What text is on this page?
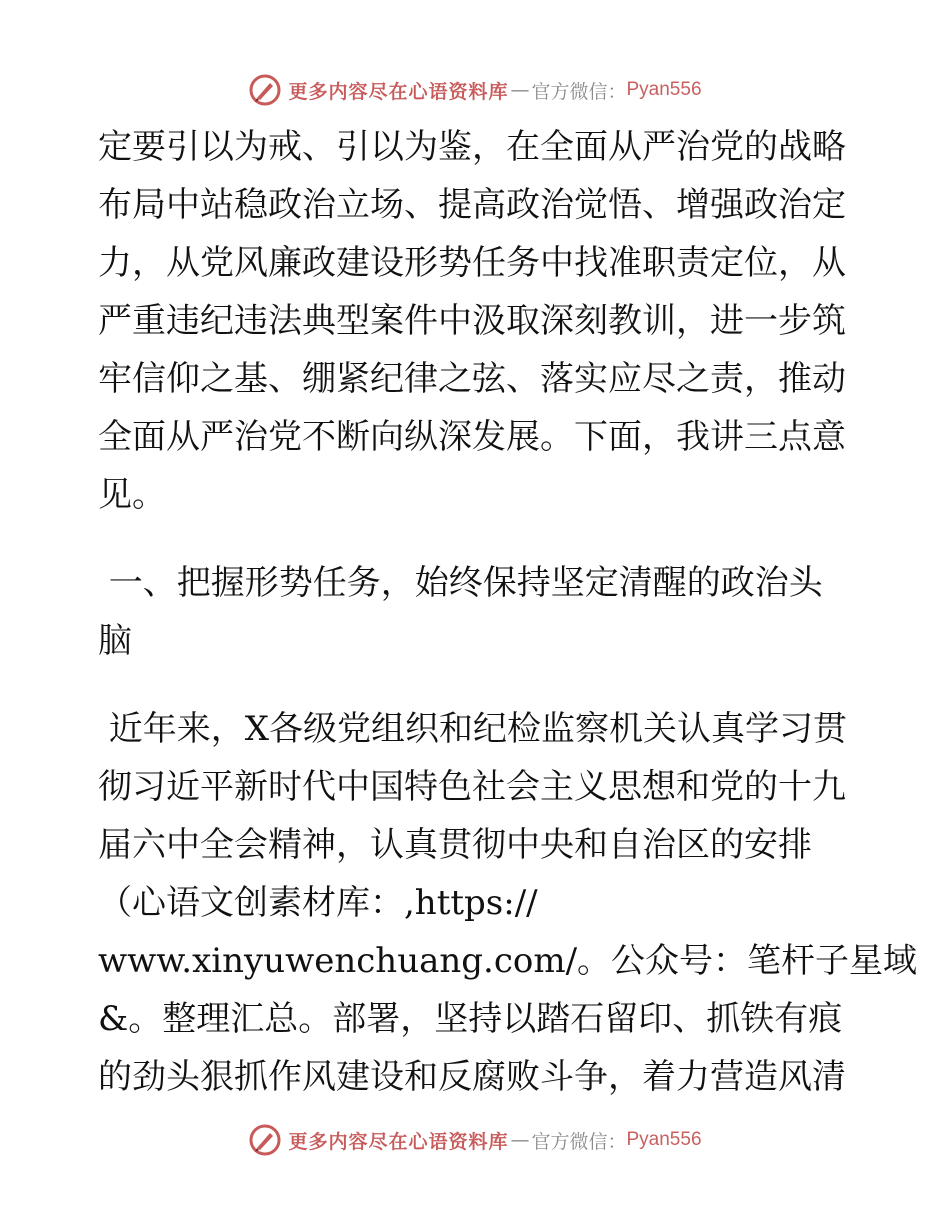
更多内容尽在心语资料库 — 官方微信： Pyan556
定要引以为戒、引以为鉴，在全面从严治党的战略
布局中站稳政治立场、提高政治觉悟、增强政治定
力，从党风廉政建设形势任务中找准职责定位，从
严重违纪违法典型案件中汲取深刻教训，进一步筑
牢信仰之基、绷紧纪律之弦、落实应尽之责，推动
全面从严治党不断向纵深发展。下面，我讲三点意
见。
一、把握形势任务，始终保持坚定清醒的政治头
脑
近年来，X各级党组织和纪检监察机关认真学习贯
彻习近平新时代中国特色社会主义思想和党的十九
届六中全会精神，认真贯彻中央和自治区的安排
（心语文创素材库：,https://
www.xinyuwenchuang.com/。公众号：笔杆子星域
&。整理汇总。部署，坚持以踏石留印、抓铁有痕
的劲头狠抓作风建设和反腐败斗争，着力营造风清
更多内容尽在心语资料库 — 官方微信： Pyan556
